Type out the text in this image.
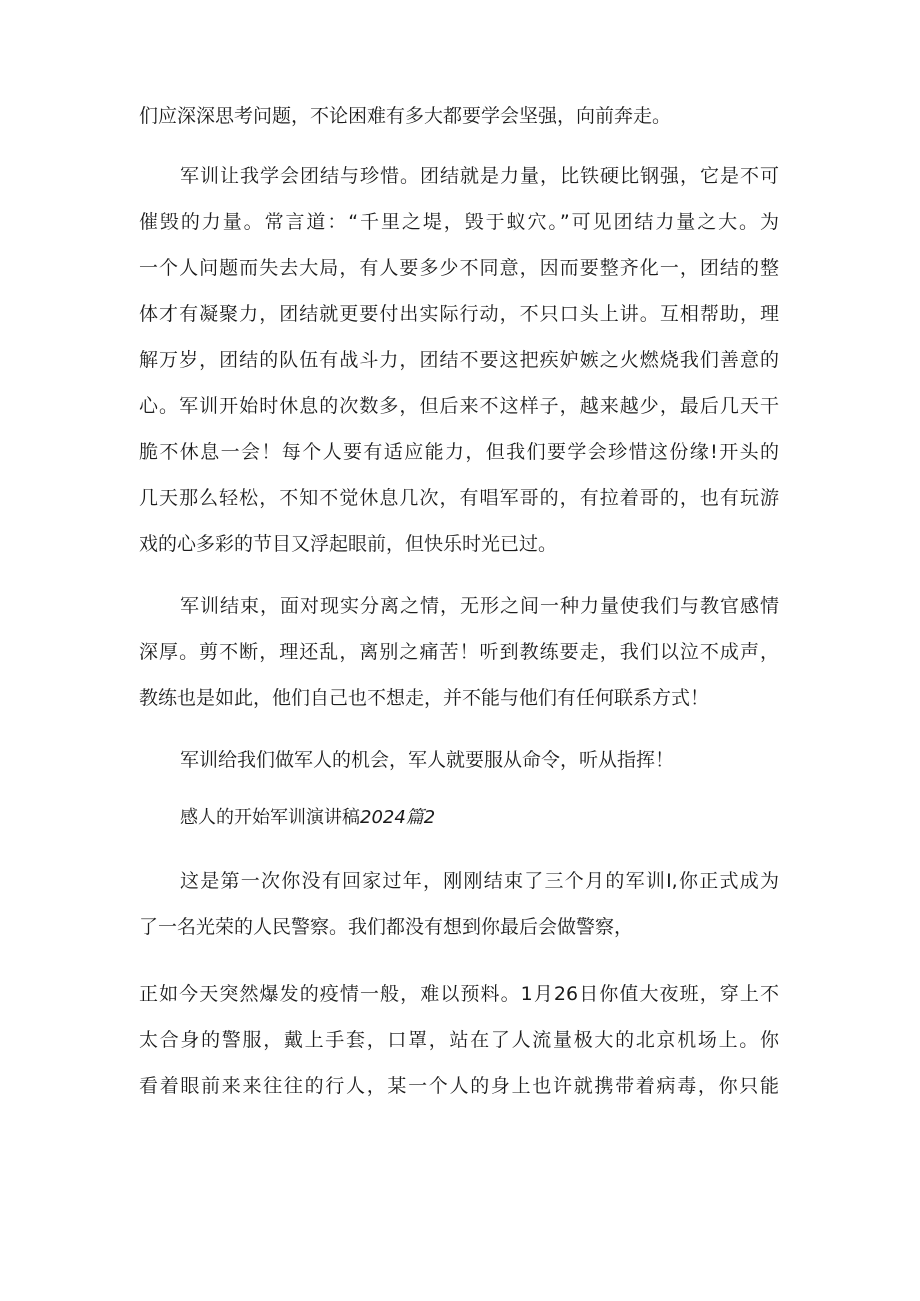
们应深深思考问题，不论困难有多大都要学会坚强，向前奔走。
军训让我学会团结与珍惜。团结就是力量，比铁硬比钢强，它是不可
催毁的力量。常言道：“千里之堤，毁于蚁穴。”可见团结力量之大。为
一个人问题而失去大局，有人要多少不同意，因而要整齐化一，团结的整
体才有凝聚力，团结就更要付出实际行动，不只口头上讲。互相帮助，理
解万岁，团结的队伍有战斗力，团结不要这把疾妒嫉之火燃烧我们善意的
心。军训开始时休息的次数多，但后来不这样子，越来越少，最后几天干
脆不休息一会！每个人要有适应能力，但我们要学会珍惜这份缘!开头的
几天那么轻松，不知不觉休息几次，有唱军哥的，有拉着哥的，也有玩游
戏的心多彩的节目又浮起眼前，但快乐时光已过。
军训结束，面对现实分离之情，无形之间一种力量使我们与教官感情
深厚。剪不断，理还乱，离别之痛苦！听到教练要走，我们以泣不成声，
教练也是如此，他们自己也不想走，并不能与他们有任何联系方式！
军训给我们做军人的机会，军人就要服从命令，听从指挥！
感人的开始军训演讲稿2024篇2
这是第一次你没有回家过年，刚刚结束了三个月的军训I,你正式成为
了一名光荣的人民警察。我们都没有想到你最后会做警察，
正如今天突然爆发的疫情一般，难以预料。1月26日你值大夜班，穿上不
太合身的警服，戴上手套，口罩，站在了人流量极大的北京机场上。你
看着眼前来来往往的行人，某一个人的身上也许就携带着病毒，你只能
